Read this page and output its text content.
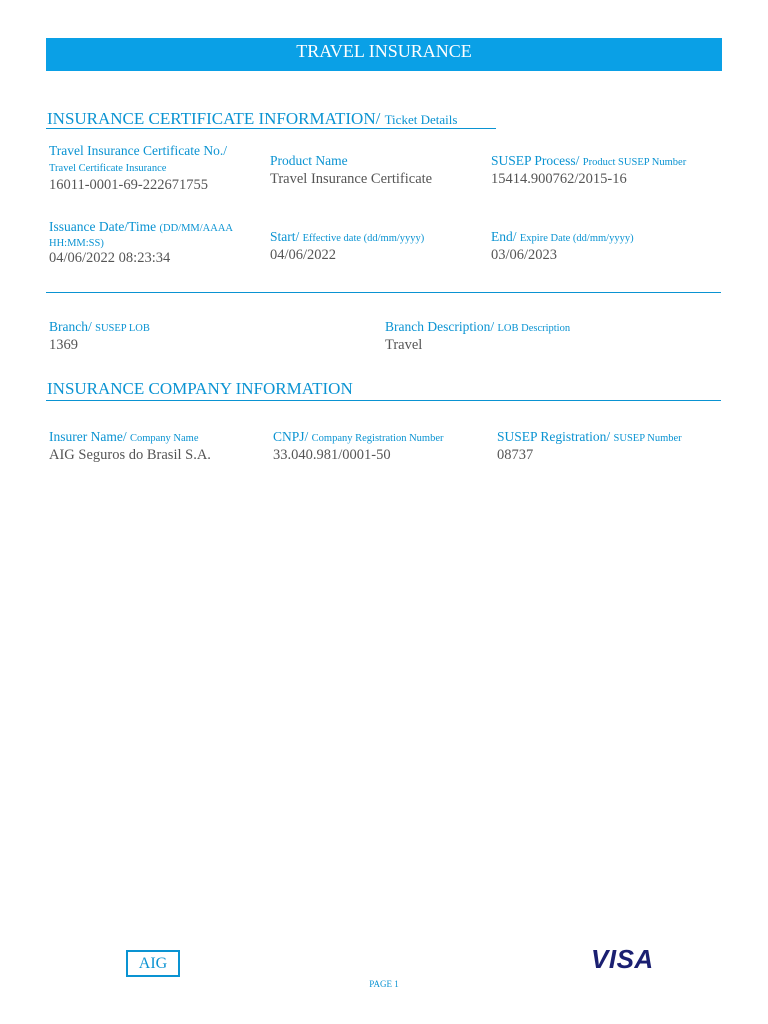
TRAVEL INSURANCE
INSURANCE CERTIFICATE INFORMATION/ Ticket Details
Travel Insurance Certificate No./
Travel Certificate Insurance
16011-0001-69-222671755
Product Name
Travel Insurance Certificate
SUSEP Process/ Product SUSEP Number
15414.900762/2015-16
Issuance Date/Time (DD/MM/AAAA
HH:MM:SS)
04/06/2022 08:23:34
Start/ Effective date (dd/mm/yyyy)
04/06/2022
End/ Expire Date (dd/mm/yyyy)
03/06/2023
Branch/ SUSEP LOB
1369
Branch Description/ LOB Description
Travel
INSURANCE COMPANY INFORMATION
Insurer Name/ Company Name
AIG Seguros do Brasil S.A.
CNPJ/ Company Registration Number
33.040.981/0001-50
SUSEP Registration/ SUSEP Number
08737
AIG	VISA
PAGE 1
